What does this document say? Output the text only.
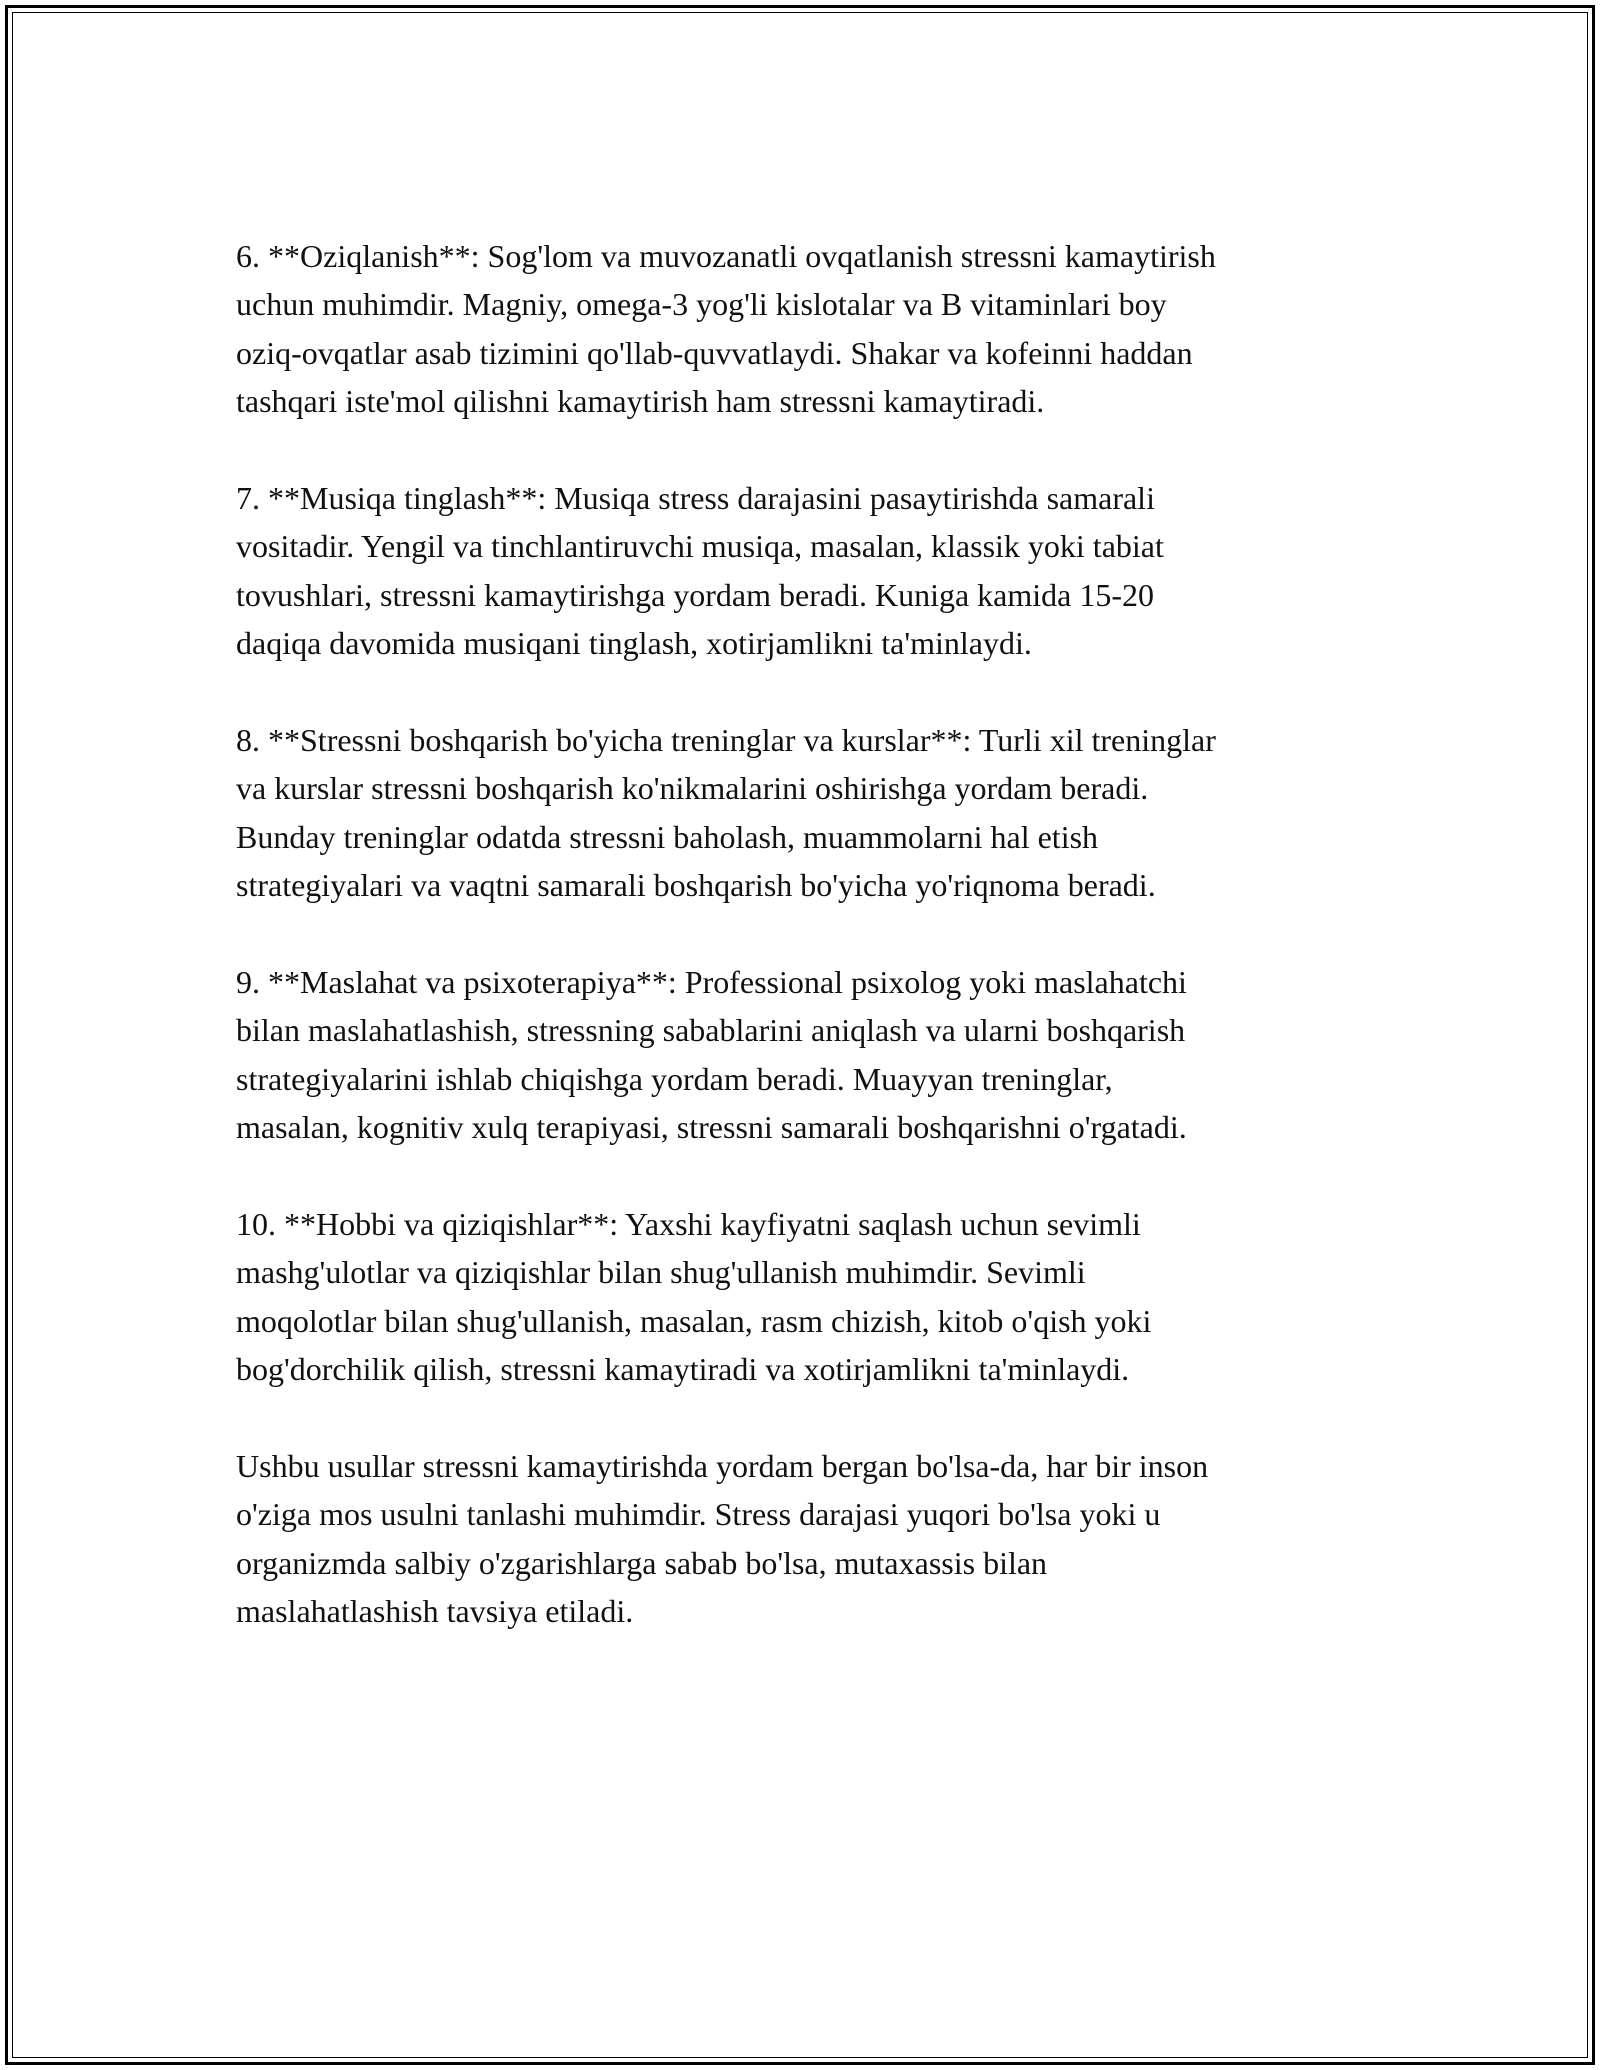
6. **Oziqlanish**: Sog'lom va muvozanatli ovqatlanish stressni kamaytirish
uchun muhimdir. Magniy, omega-3 yog'li kislotalar va B vitaminlari boy
oziq-ovqatlar asab tizimini qo'llab-quvvatlaydi. Shakar va kofeinni haddan
tashqari iste'mol qilishni kamaytirish ham stressni kamaytiradi.

7. **Musiqa tinglash**: Musiqa stress darajasini pasaytirishda samarali
vositadir. Yengil va tinchlantiruvchi musiqa, masalan, klassik yoki tabiat
tovushlari, stressni kamaytirishga yordam beradi. Kuniga kamida 15-20
daqiqa davomida musiqani tinglash, xotirjamlikni ta'minlaydi.

8. **Stressni boshqarish bo'yicha treninglar va kurslar**: Turli xil treninglar
va kurslar stressni boshqarish ko'nikmalarini oshirishga yordam beradi.
Bunday treninglar odatda stressni baholash, muammolarni hal etish
strategiyalari va vaqtni samarali boshqarish bo'yicha yo'riqnoma beradi.

9. **Maslahat va psixoterapiya**: Professional psixolog yoki maslahatchi
bilan maslahatlashish, stressning sabablarini aniqlash va ularni boshqarish
strategiyalarini ishlab chiqishga yordam beradi. Muayyan treninglar,
masalan, kognitiv xulq terapiyasi, stressni samarali boshqarishni o'rgatadi.

10. **Hobbi va qiziqishlar**: Yaxshi kayfiyatni saqlash uchun sevimli
mashg'ulotlar va qiziqishlar bilan shug'ullanish muhimdir. Sevimli
moqolotlar bilan shug'ullanish, masalan, rasm chizish, kitob o'qish yoki
bog'dorchilik qilish, stressni kamaytiradi va xotirjamlikni ta'minlaydi.

Ushbu usullar stressni kamaytirishda yordam bergan bo'lsa-da, har bir inson
o'ziga mos usulni tanlashi muhimdir. Stress darajasi yuqori bo'lsa yoki u
organizmda salbiy o'zgarishlarga sabab bo'lsa, mutaxassis bilan
maslahatlashish tavsiya etiladi.
